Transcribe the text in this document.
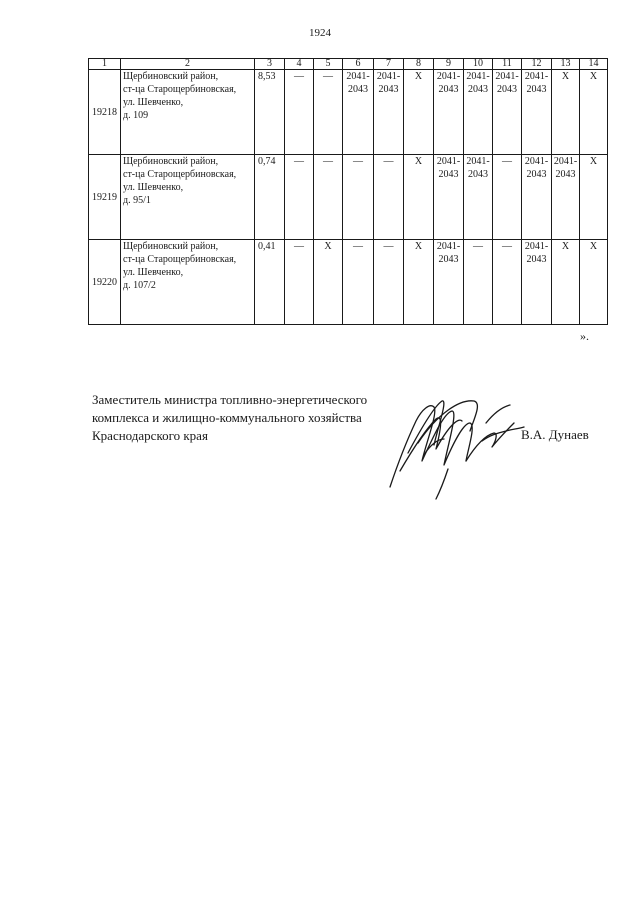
1924
1	2	3	4	5	6	7	8	9	10	11	12	13	14
19218	Щербиновский район,
ст-ца Старощербиновская,
ул. Шевченко,
д. 109	8,53	—	—	2041-2043	2041-2043	Х	2041-2043	2041-2043	2041-2043	2041-2043	Х	Х
19219	Щербиновский район,
ст-ца Старощербиновская,
ул. Шевченко,
д. 95/1	0,74	—	—	—	—	Х	2041-2043	2041-2043	—	2041-2043	2041-2043	Х
19220	Щербиновский район,
ст-ца Старощербиновская,
ул. Шевченко,
д. 107/2	0,41	—	Х	—	—	Х	2041-2043	—	—	2041-2043	Х	Х
».
Заместитель министра топливно-энергетического
комплекса и жилищно-коммунального хозяйства
Краснодарского края	В.А. Дунаев
